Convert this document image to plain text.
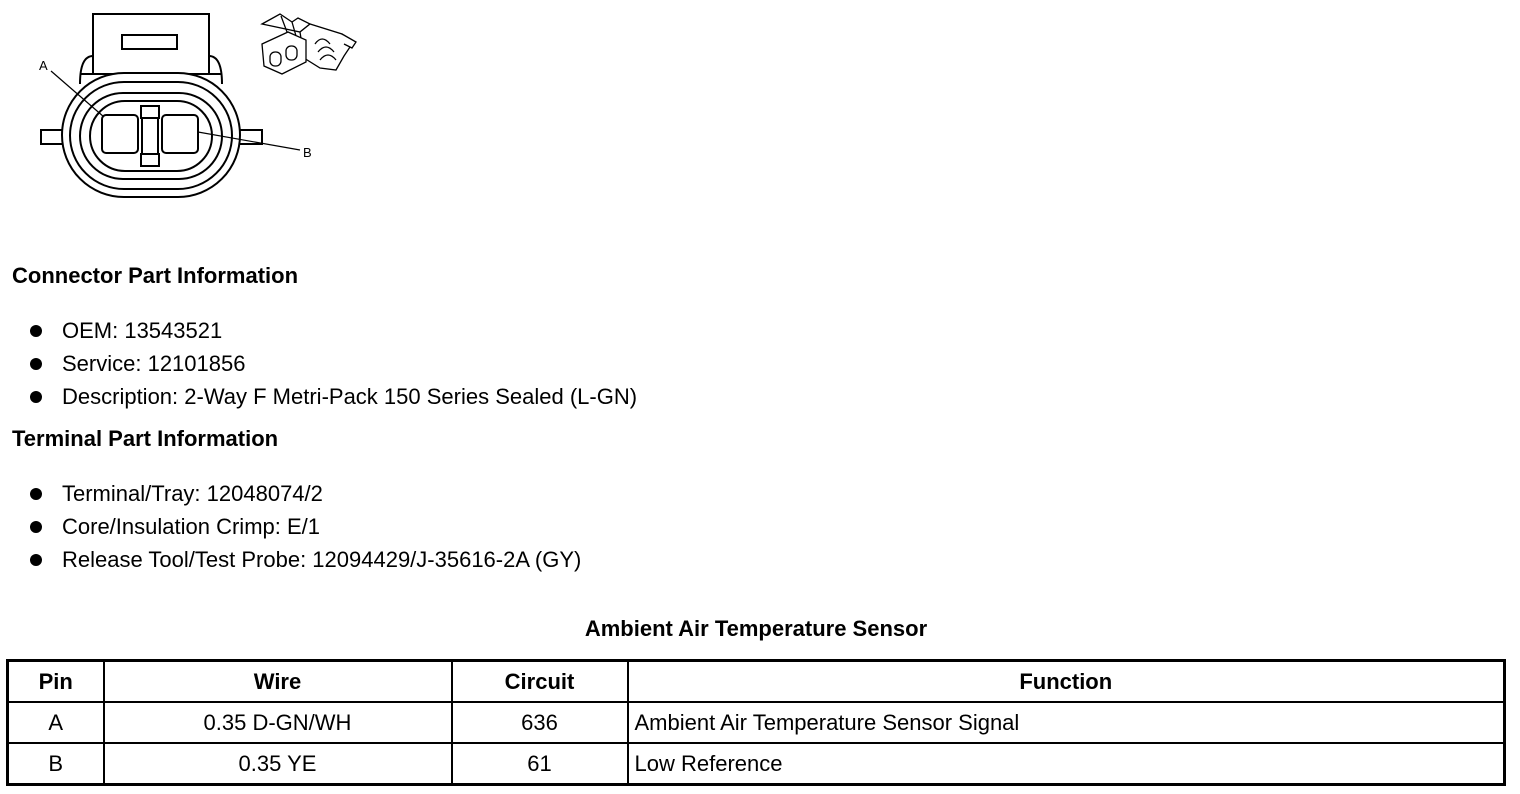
A
B
Connector Part Information
OEM: 13543521
Service: 12101856
Description: 2-Way F Metri-Pack 150 Series Sealed (L-GN)
Terminal Part Information
Terminal/Tray: 12048074/2
Core/Insulation Crimp: E/1
Release Tool/Test Probe: 12094429/J-35616-2A (GY)
Ambient Air Temperature Sensor
Pin	Wire	Circuit	Function
A	0.35 D-GN/WH	636	Ambient Air Temperature Sensor Signal
B	0.35 YE	61	Low Reference
